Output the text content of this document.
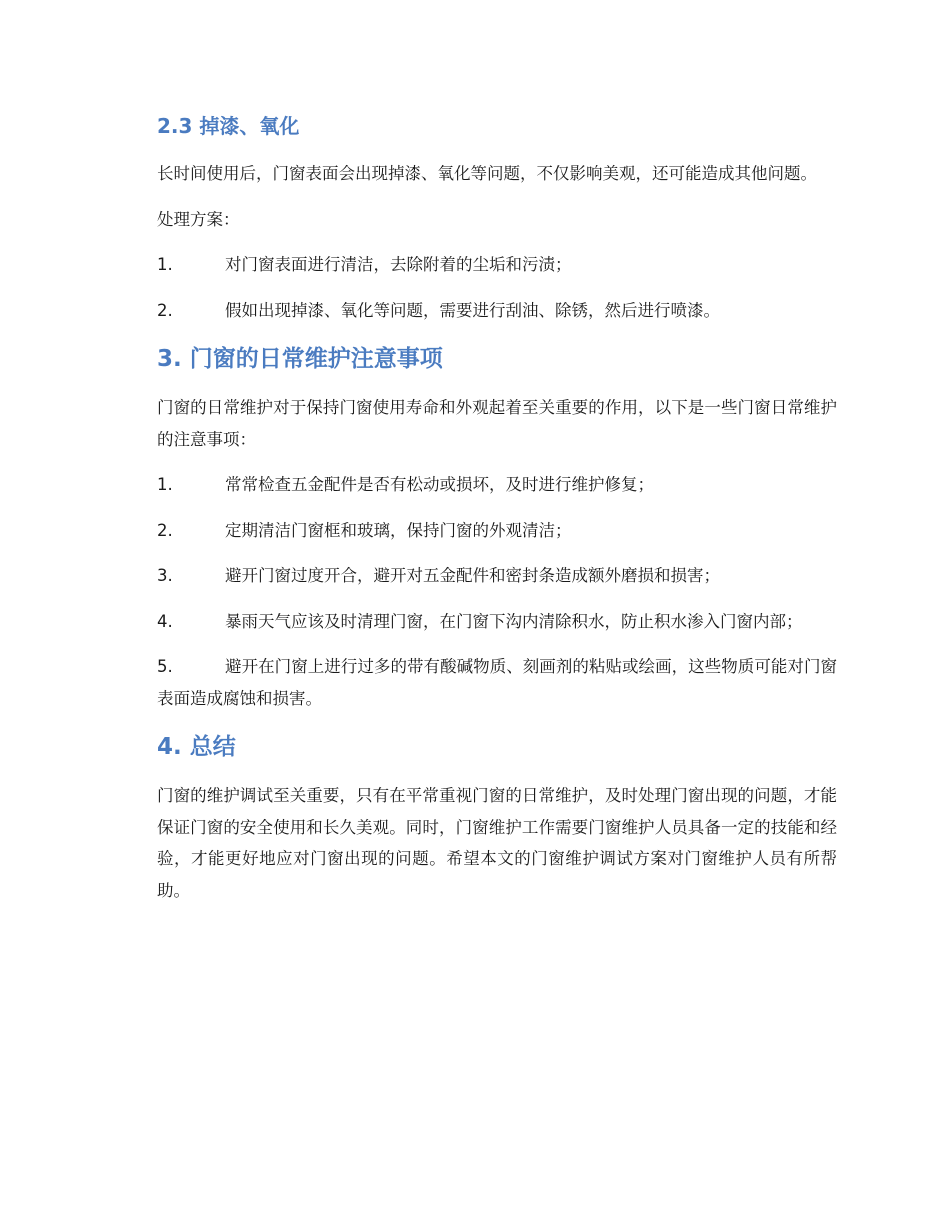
2.3 掉漆、氧化

长时间使用后，门窗表面会出现掉漆、氧化等问题，不仅影响美观，还可能造成其他问题。

处理方案：

1.	对门窗表面进行清洁，去除附着的尘垢和污渍；

2.	假如出现掉漆、氧化等问题，需要进行刮油、除锈，然后进行喷漆。

3. 门窗的日常维护注意事项

门窗的日常维护对于保持门窗使用寿命和外观起着至关重要的作用，以下是一些门窗日常维护的注意事项：

1.	常常检查五金配件是否有松动或损坏，及时进行维护修复；

2.	定期清洁门窗框和玻璃，保持门窗的外观清洁；

3.	避开门窗过度开合，避开对五金配件和密封条造成额外磨损和损害；

4.	暴雨天气应该及时清理门窗，在门窗下沟内清除积水，防止积水渗入门窗内部；

5.	避开在门窗上进行过多的带有酸碱物质、刻画剂的粘贴或绘画，这些物质可能对门窗表面造成腐蚀和损害。

4. 总结

门窗的维护调试至关重要，只有在平常重视门窗的日常维护，及时处理门窗出现的问题，才能保证门窗的安全使用和长久美观。同时，门窗维护工作需要门窗维护人员具备一定的技能和经验，才能更好地应对门窗出现的问题。希望本文的门窗维护调试方案对门窗维护人员有所帮助。
